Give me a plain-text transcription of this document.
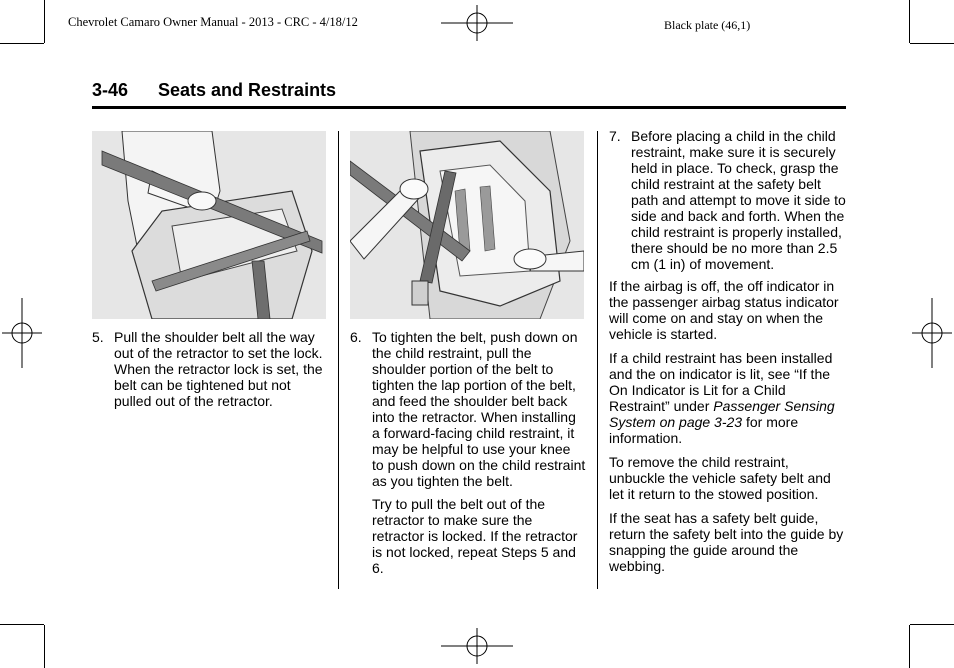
Chevrolet Camaro Owner Manual - 2013 - CRC - 4/18/12	Black plate (46,1)
3-46 Seats and Restraints
5. Pull the shoulder belt all the way out of the retractor to set the lock. When the retractor lock is set, the belt can be tightened but not pulled out of the retractor.
6. To tighten the belt, push down on the child restraint, pull the shoulder portion of the belt to tighten the lap portion of the belt, and feed the shoulder belt back into the retractor. When installing a forward-facing child restraint, it may be helpful to use your knee to push down on the child restraint as you tighten the belt.
Try to pull the belt out of the retractor to make sure the retractor is locked. If the retractor is not locked, repeat Steps 5 and 6.
7. Before placing a child in the child restraint, make sure it is securely held in place. To check, grasp the child restraint at the safety belt path and attempt to move it side to side and back and forth. When the child restraint is properly installed, there should be no more than 2.5 cm (1 in) of movement.
If the airbag is off, the off indicator in the passenger airbag status indicator will come on and stay on when the vehicle is started.
If a child restraint has been installed and the on indicator is lit, see “If the On Indicator is Lit for a Child Restraint” under Passenger Sensing System on page 3-23 for more information.
To remove the child restraint, unbuckle the vehicle safety belt and let it return to the stowed position.
If the seat has a safety belt guide, return the safety belt into the guide by snapping the guide around the webbing.
